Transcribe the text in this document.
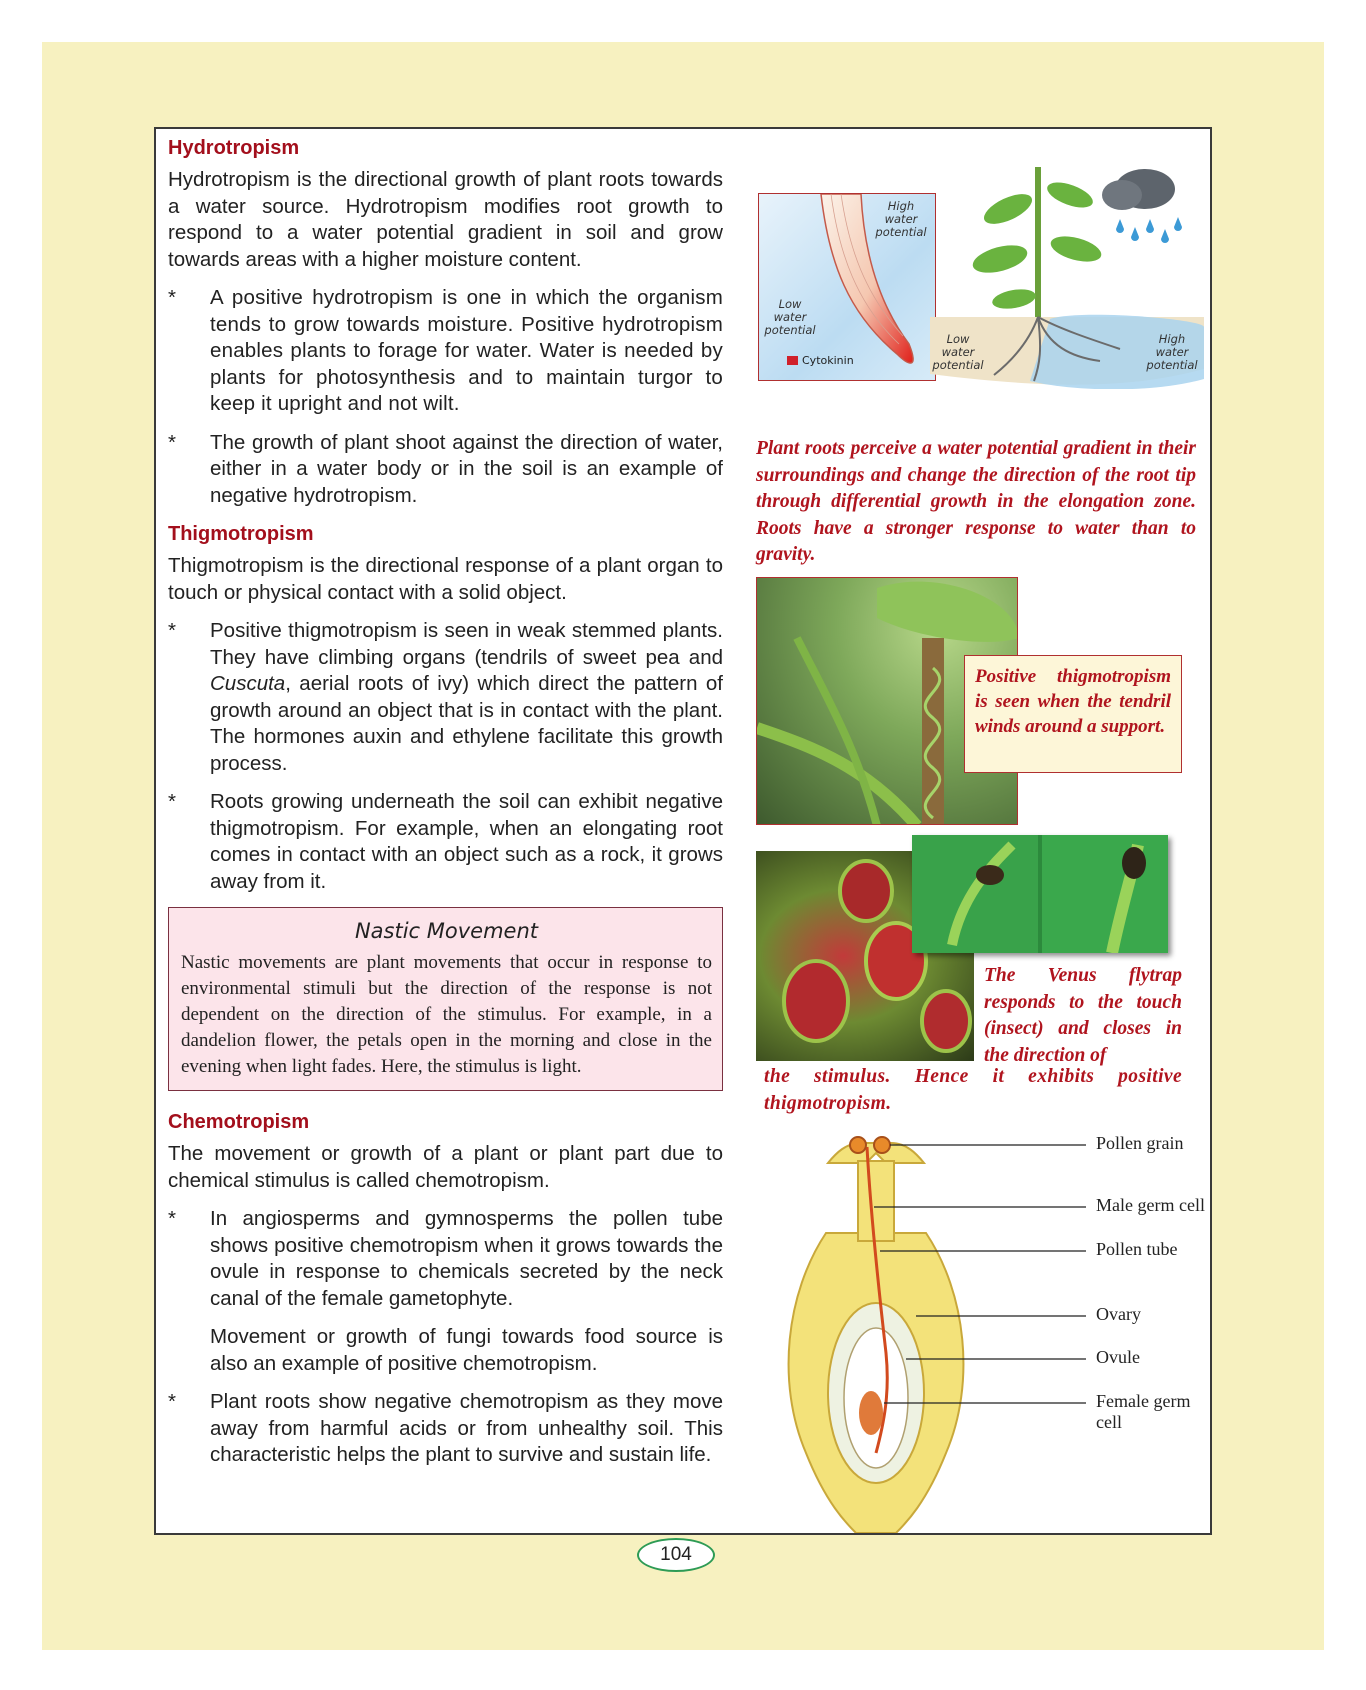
Hydrotropism
Hydrotropism is the directional growth of plant roots towards a water source. Hydrotropism modifies root growth to respond to a water potential gradient in soil and grow towards areas with a higher moisture content.
*	A positive hydrotropism is one in which the organism tends to grow towards moisture. Positive hydrotropism enables plants to forage for water. Water is needed by plants for photosynthesis and to maintain turgor to keep it upright and not wilt.
*	The growth of plant shoot against the direction of water, either in a water body or in the soil is an example of negative hydrotropism.
Thigmotropism
Thigmotropism is the directional response of a plant organ to touch or physical contact with a solid object.
*	Positive thigmotropism is seen in weak stemmed plants. They have climbing organs (tendrils of sweet pea and Cuscuta, aerial roots of ivy) which direct the pattern of growth around an object that is in contact with the plant. The hormones auxin and ethylene facilitate this growth process.
*	Roots growing underneath the soil can exhibit negative thigmotropism. For example, when an elongating root comes in contact with an object such as a rock, it grows away from it.
Nastic Movement
Nastic movements are plant movements that occur in response to environmental stimuli but the direction of the response is not dependent on the direction of the stimulus. For example, in a dandelion flower, the petals open in the morning and close in the evening when light fades. Here, the stimulus is light.
Chemotropism
The movement or growth of a plant or plant part due to chemical stimulus is called chemotropism.
*	In angiosperms and gymnosperms the pollen tube shows positive chemotropism when it grows towards the ovule in response to chemicals secreted by the neck canal of the female gametophyte.
Movement or growth of fungi towards food source is also an example of positive chemotropism.
*	Plant roots show negative chemotropism as they move away from harmful acids or from unhealthy soil. This characteristic helps the plant to survive and sustain life.
High
water
potential
Low
water
potential
Cytokinin
Low
water
potential
High
water
potential
Plant roots perceive a water potential gradient in their surroundings and change the direction of the root tip through differential growth in the elongation zone. Roots have a stronger response to water than to gravity.
Positive thigmotropism is seen when the tendril winds around a support.
The Venus flytrap responds to the touch (insect) and closes in the direction of
the stimulus. Hence it exhibits positive thigmotropism.
Pollen grain
Male germ cell
Pollen tube
Ovary
Ovule
Female germ cell
104
